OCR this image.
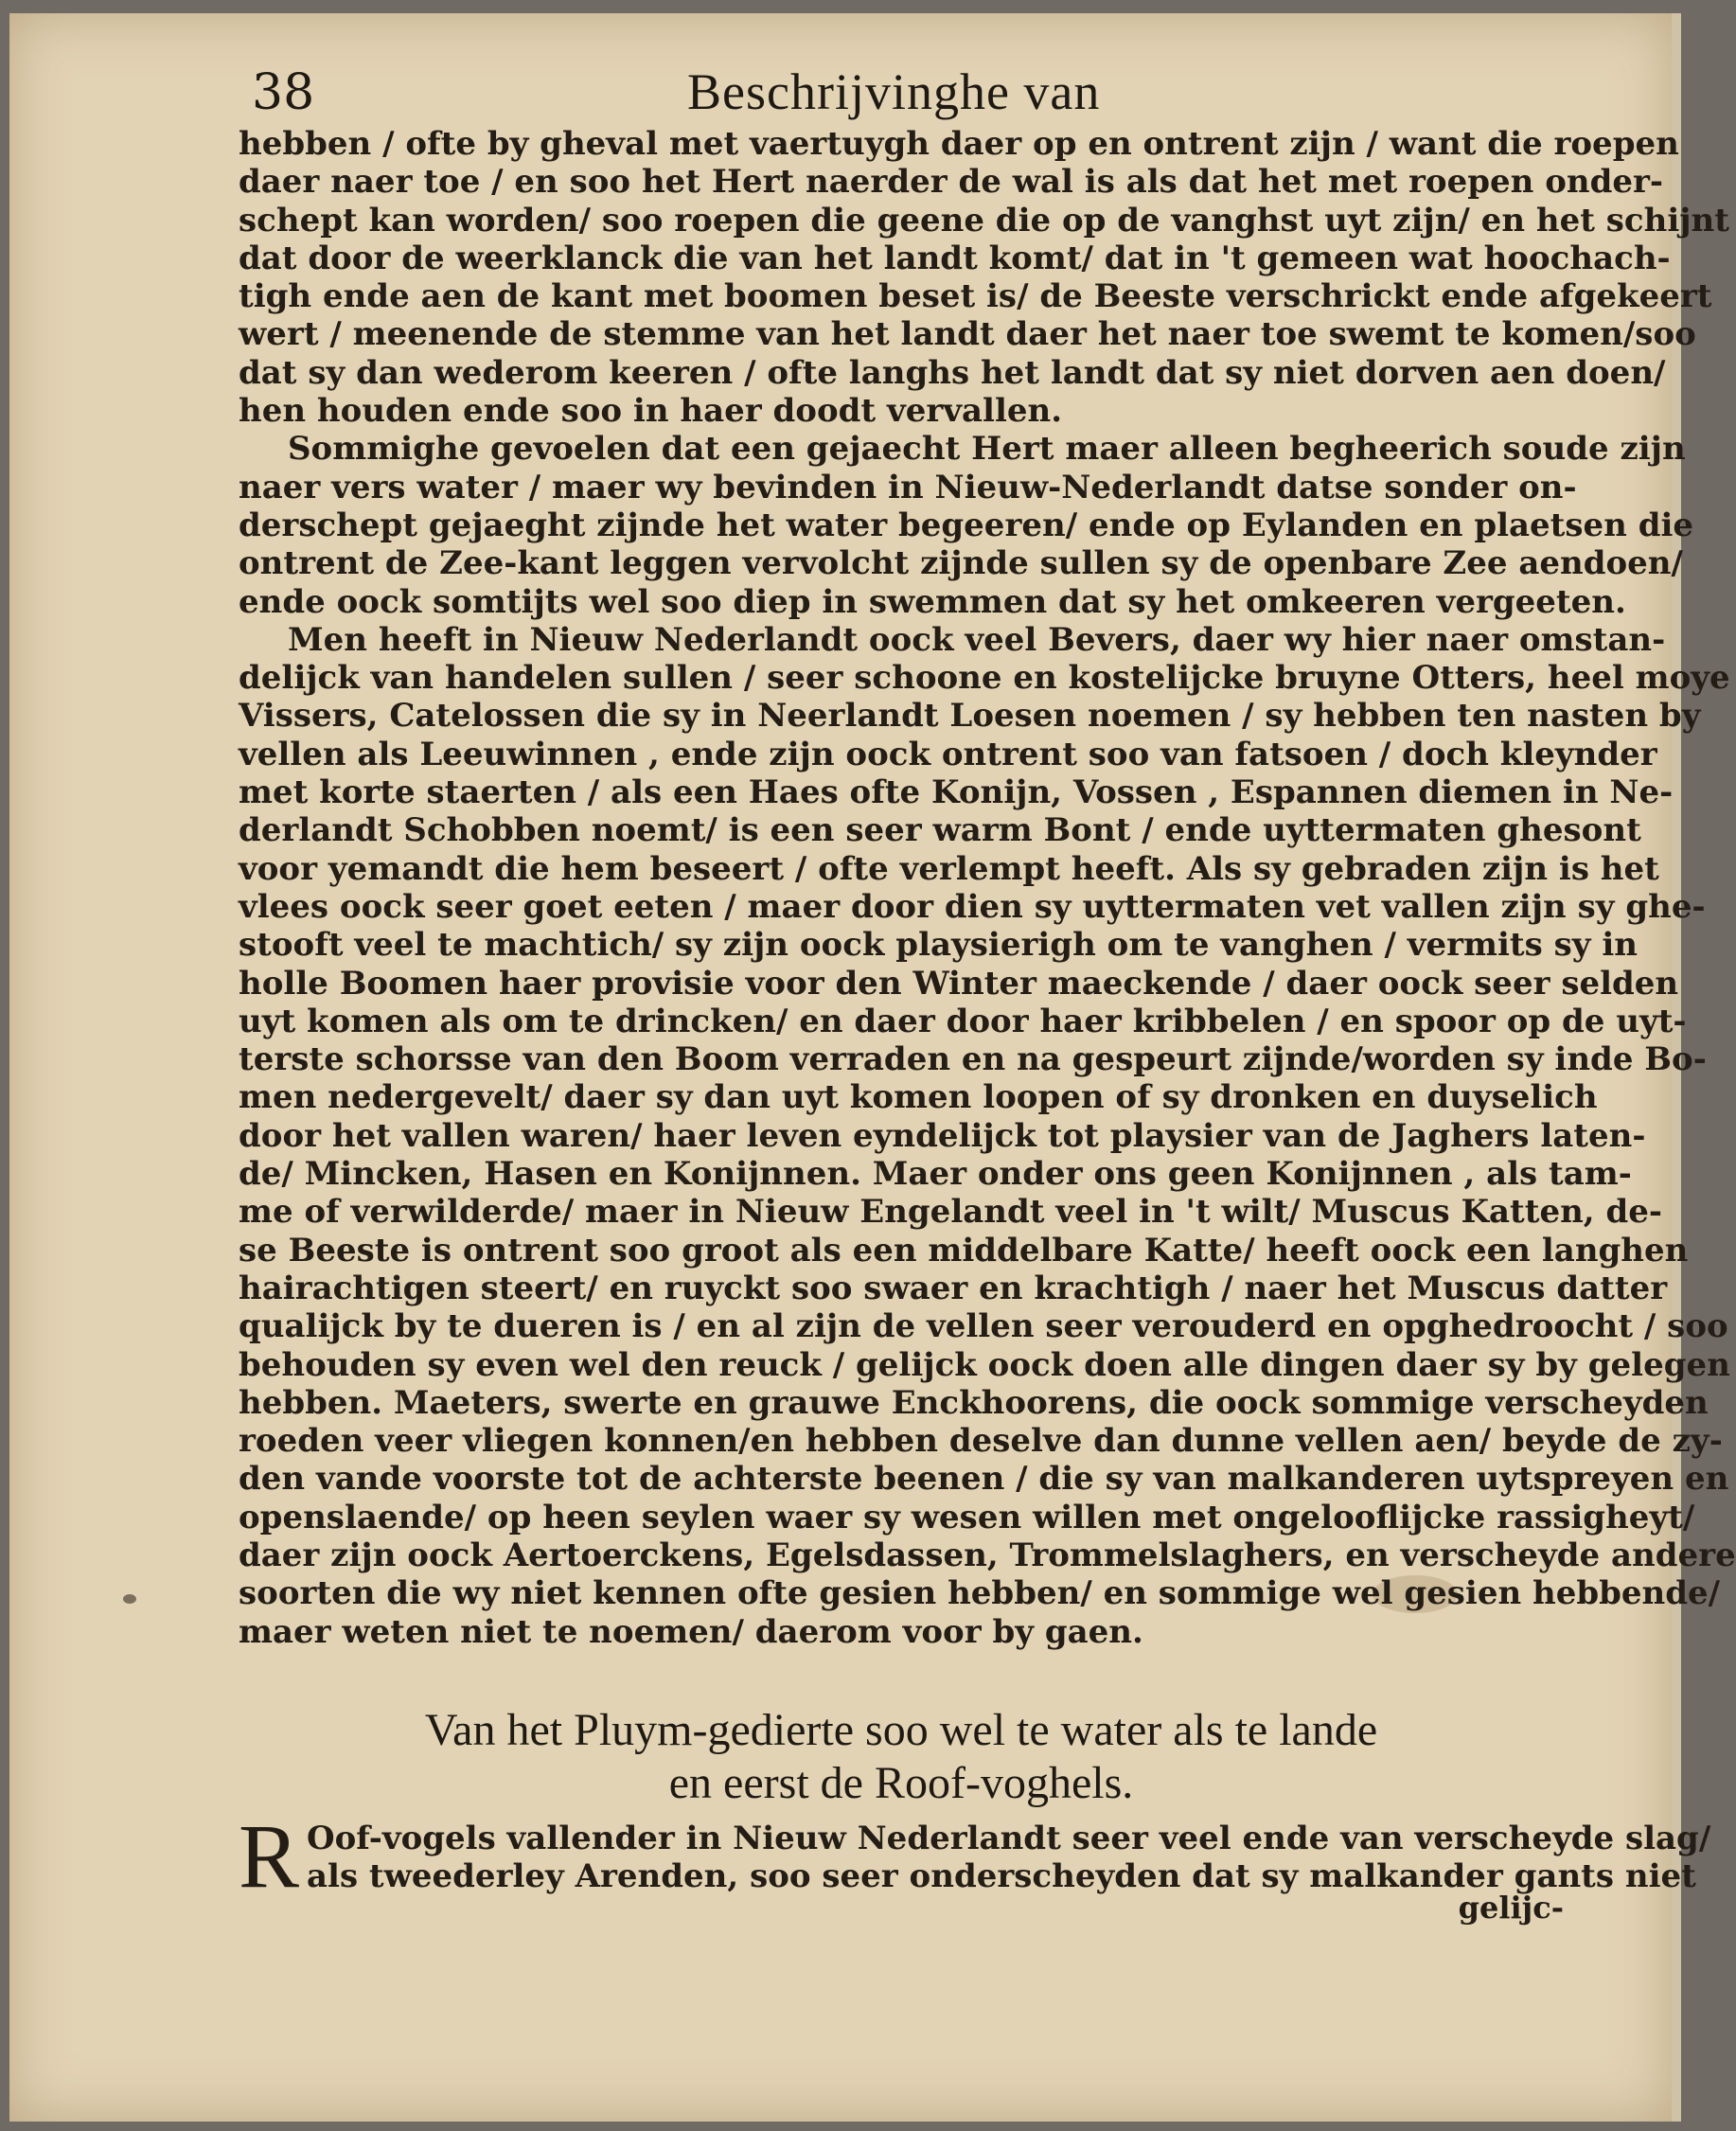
38	Beschrijvinghe van
hebben / ofte by gheval met vaertuygh daer op en ontrent zijn / want die roepen
daer naer toe / en soo het Hert naerder de wal is als dat het met roepen onder-
schept kan worden/ soo roepen die geene die op de vanghst uyt zijn/ en het schijnt
dat door de weerklanck die van het landt komt/ dat in 't gemeen wat hoochach-
tigh ende aen de kant met boomen beset is/ de Beeste verschrickt ende afgekeert
wert / meenende de stemme van het landt daer het naer toe swemt te komen/soo
dat sy dan wederom keeren / ofte langhs het landt dat sy niet dorven aen doen/
hen houden ende soo in haer doodt vervallen.
Sommighe gevoelen dat een gejaecht Hert maer alleen begheerich soude zijn
naer vers water / maer wy bevinden in Nieuw-Nederlandt datse sonder on-
derschept gejaeght zijnde het water begeeren/ ende op Eylanden en plaetsen die
ontrent de Zee-kant leggen vervolcht zijnde sullen sy de openbare Zee aendoen/
ende oock somtijts wel soo diep in swemmen dat sy het omkeeren vergeeten.
Men heeft in Nieuw Nederlandt oock veel Bevers, daer wy hier naer omstan-
delijck van handelen sullen / seer schoone en kostelijcke bruyne Otters, heel moye
Vissers, Catelossen die sy in Neerlandt Loesen noemen / sy hebben ten nasten by
vellen als Leeuwinnen , ende zijn oock ontrent soo van fatsoen / doch kleynder
met korte staerten / als een Haes ofte Konijn, Vossen , Espannen diemen in Ne-
derlandt Schobben noemt/ is een seer warm Bont / ende uyttermaten ghesont
voor yemandt die hem beseert / ofte verlempt heeft. Als sy gebraden zijn is het
vlees oock seer goet eeten / maer door dien sy uyttermaten vet vallen zijn sy ghe-
stooft veel te machtich/ sy zijn oock playsierigh om te vanghen / vermits sy in
holle Boomen haer provisie voor den Winter maeckende / daer oock seer selden
uyt komen als om te drincken/ en daer door haer kribbelen / en spoor op de uyt-
terste schorsse van den Boom verraden en na gespeurt zijnde/worden sy inde Bo-
men nedergevelt/ daer sy dan uyt komen loopen of sy dronken en duyselich
door het vallen waren/ haer leven eyndelijck tot playsier van de Jaghers laten-
de/ Mincken, Hasen en Konijnnen. Maer onder ons geen Konijnnen , als tam-
me of verwilderde/ maer in Nieuw Engelandt veel in 't wilt/ Muscus Katten, de-
se Beeste is ontrent soo groot als een middelbare Katte/ heeft oock een langhen
hairachtigen steert/ en ruyckt soo swaer en krachtigh / naer het Muscus datter
qualijck by te dueren is / en al zijn de vellen seer verouderd en opghedroocht / soo
behouden sy even wel den reuck / gelijck oock doen alle dingen daer sy by gelegen
hebben. Maeters, swerte en grauwe Enckhoorens, die oock sommige verscheyden
roeden veer vliegen konnen/en hebben deselve dan dunne vellen aen/ beyde de zy-
den vande voorste tot de achterste beenen / die sy van malkanderen uytspreyen en
openslaende/ op heen seylen waer sy wesen willen met ongelooflijcke rassigheyt/
daer zijn oock Aertoerckens, Egelsdassen, Trommelslaghers, en verscheyde andere
soorten die wy niet kennen ofte gesien hebben/ en sommige wel gesien hebbende/
maer weten niet te noemen/ daerom voor by gaen.
Van het Pluym-gedierte soo wel te water als te lande
en eerst de Roof-voghels.
R Oof-vogels vallender in Nieuw Nederlandt seer veel ende van verscheyde slag/
als tweederley Arenden, soo seer onderscheyden dat sy malkander gants niet
gelijc-
